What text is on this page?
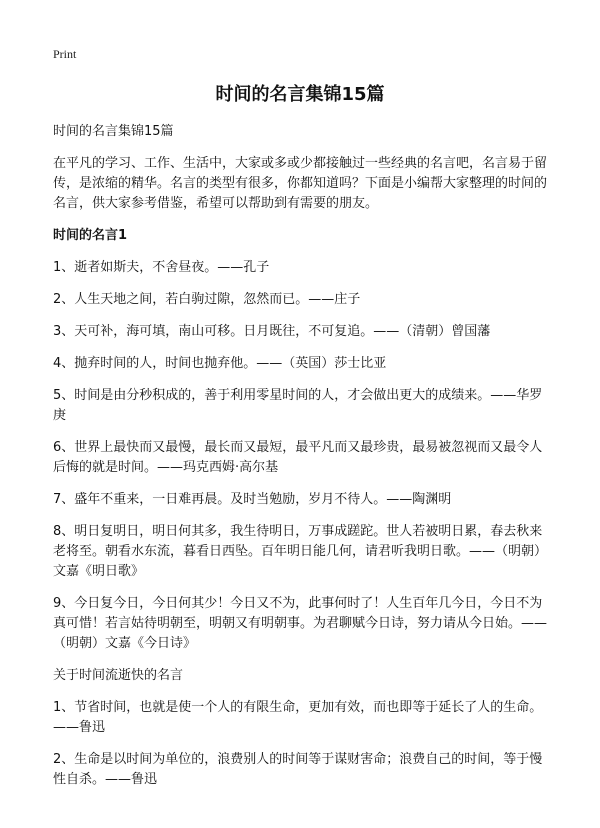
Print
时间的名言集锦15篇

时间的名言集锦15篇

在平凡的学习、工作、生活中，大家或多或少都接触过一些经典的名言吧，名言易于留传，是浓缩的精华。名言的类型有很多，你都知道吗？下面是小编帮大家整理的时间的名言，供大家参考借鉴，希望可以帮助到有需要的朋友。

时间的名言1

1、逝者如斯夫，不舍昼夜。——孔子

2、人生天地之间，若白驹过隙，忽然而已。——庄子

3、天可补，海可填，南山可移。日月既往，不可复追。——（清朝）曾国藩

4、抛弃时间的人，时间也抛弃他。——（英国）莎士比亚

5、时间是由分秒积成的，善于利用零星时间的人，才会做出更大的成绩来。——华罗庚

6、世界上最快而又最慢，最长而又最短，最平凡而又最珍贵，最易被忽视而又最令人后悔的就是时间。——玛克西姆·高尔基

7、盛年不重来，一日难再晨。及时当勉励，岁月不待人。——陶渊明

8、明日复明日，明日何其多，我生待明日，万事成蹉跎。世人若被明日累，春去秋来老将至。朝看水东流，暮看日西坠。百年明日能几何，请君听我明日歌。——（明朝）文嘉《明日歌》

9、今日复今日，今日何其少！今日又不为，此事何时了！人生百年几今日，今日不为真可惜！若言姑待明朝至，明朝又有明朝事。为君聊赋今日诗，努力请从今日始。——（明朝）文嘉《今日诗》

关于时间流逝快的名言

1、节省时间，也就是使一个人的有限生命，更加有效，而也即等于延长了人的生命。——鲁迅

2、生命是以时间为单位的，浪费别人的时间等于谋财害命；浪费自己的时间，等于慢性自杀。——鲁迅
